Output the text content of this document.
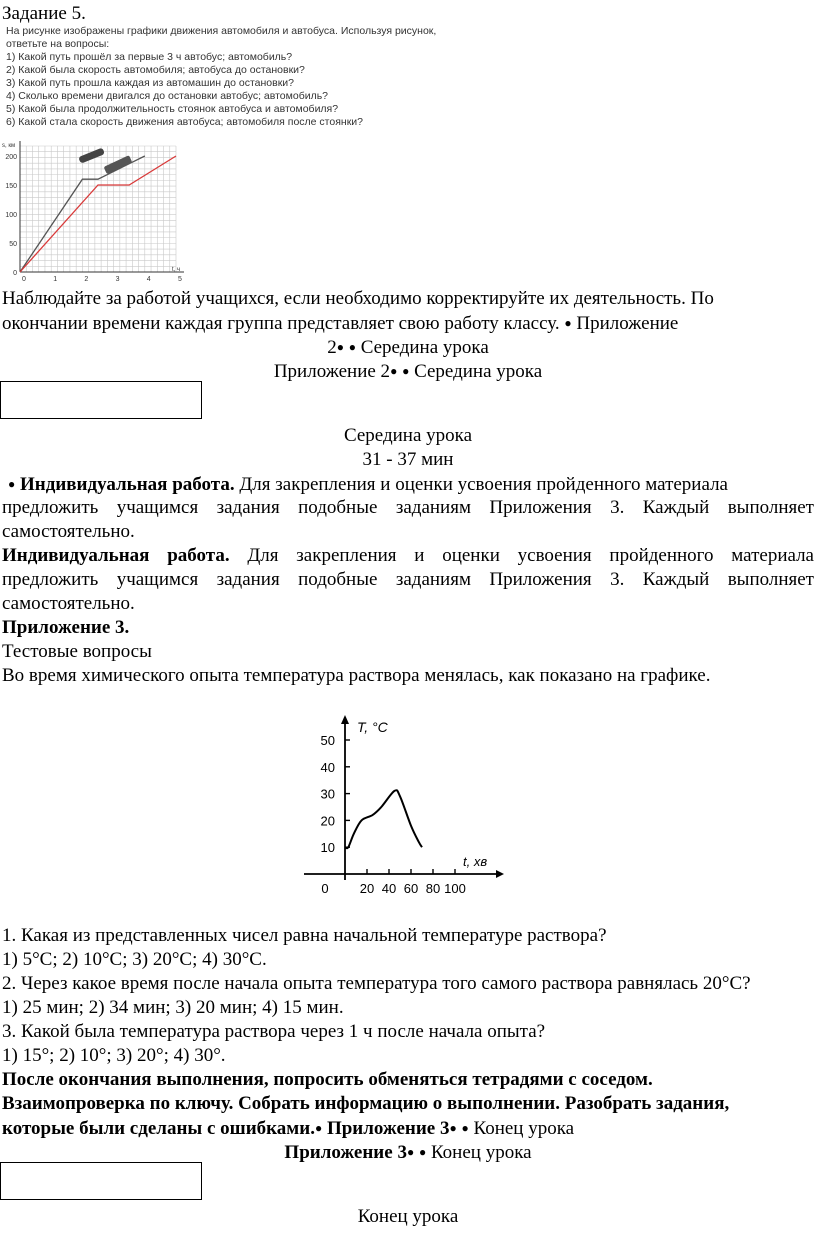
Задание 5.
На рисунке изображены графики движения автомобиля и автобуса. Используя рисунок,
ответьте на вопросы:
1) Какой путь прошёл за первые 3 ч автобус; автомобиль?
2) Какой была скорость автомобиля; автобуса до остановки?
3) Какой путь прошла каждая из автомашин до остановки?
4) Сколько времени двигался до остановки автобус; автомобиль?
5) Какой была продолжительность стоянок автобуса и автомобиля?
6) Какой стала скорость движения автобуса; автомобиля после стоянки?
s, км
t, ч
0
50
100
150
200
0	1	2	3	4	5
Наблюдайте за работой учащихся, если необходимо корректируйте их деятельность. По
окончании времени каждая группа представляет свою работу классу. ● Приложение
2● ● Середина урока
Приложение 2● ● Середина урока
Середина урока
31 - 37 мин
● Индивидуальная работа. Для закрепления и оценки усвоения пройденного материала
предложить учащимся задания подобные заданиям Приложения 3. Каждый выполняет
самостоятельно.
Индивидуальная работа. Для закрепления и оценки усвоения пройденного материала
предложить учащимся задания подобные заданиям Приложения 3. Каждый выполняет
самостоятельно.
Приложение 3.
Тестовые вопросы
Во время химического опыта температура раствора менялась, как показано на графике.
T, °C
t, хв
10
20
30
40
50
0 20 40 60 80 100
1. Какая из представленных чисел равна начальной температуре раствора?
1) 5°С; 2) 10°С; 3) 20°С; 4) 30°С.
2. Через какое время после начала опыта температура того самого раствора равнялась 20°С?
1) 25 мин; 2) 34 мин; 3) 20 мин; 4) 15 мин.
3. Какой была температура раствора через 1 ч после начала опыта?
1) 15°; 2) 10°; 3) 20°; 4) 30°.
После окончания выполнения, попросить обменяться тетрадями с соседом.
Взаимопроверка по ключу. Собрать информацию о выполнении. Разобрать задания,
которые были сделаны с ошибками.● Приложение 3● ● Конец урока
Приложение 3● ● Конец урока
Конец урока
